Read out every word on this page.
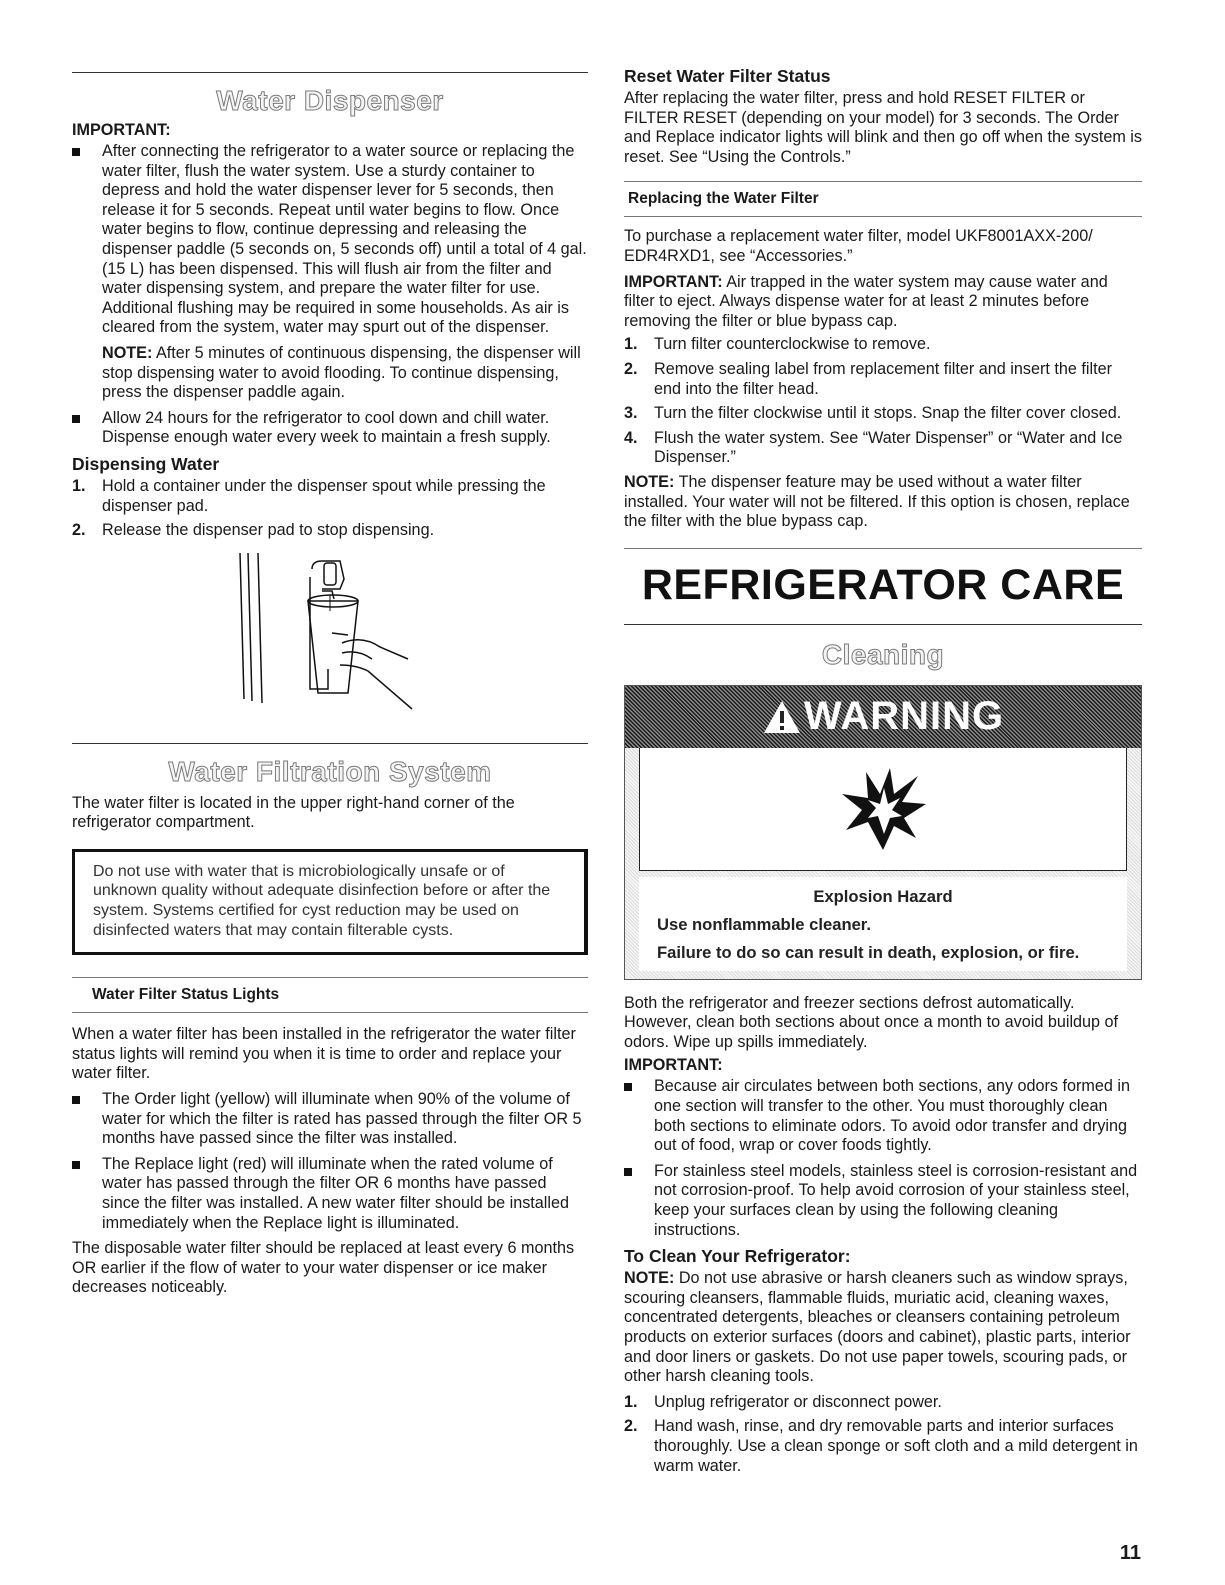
Water Dispenser
IMPORTANT:
After connecting the refrigerator to a water source or replacing the water filter, flush the water system. Use a sturdy container to depress and hold the water dispenser lever for 5 seconds, then release it for 5 seconds. Repeat until water begins to flow. Once water begins to flow, continue depressing and releasing the dispenser paddle (5 seconds on, 5 seconds off) until a total of 4 gal. (15 L) has been dispensed. This will flush air from the filter and water dispensing system, and prepare the water filter for use. Additional flushing may be required in some households. As air is cleared from the system, water may spurt out of the dispenser.

NOTE: After 5 minutes of continuous dispensing, the dispenser will stop dispensing water to avoid flooding. To continue dispensing, press the dispenser paddle again.

Allow 24 hours for the refrigerator to cool down and chill water. Dispense enough water every week to maintain a fresh supply.
Dispensing Water
1. Hold a container under the dispenser spout while pressing the dispenser pad.
2. Release the dispenser pad to stop dispensing.
Water Filtration System

The water filter is located in the upper right-hand corner of the refrigerator compartment.

Do not use with water that is microbiologically unsafe or of unknown quality without adequate disinfection before or after the system. Systems certified for cyst reduction may be used on disinfected waters that may contain filterable cysts.

Water Filter Status Lights

When a water filter has been installed in the refrigerator the water filter status lights will remind you when it is time to order and replace your water filter.

The Order light (yellow) will illuminate when 90% of the volume of water for which the filter is rated has passed through the filter OR 5 months have passed since the filter was installed.
The Replace light (red) will illuminate when the rated volume of water has passed through the filter OR 6 months have passed since the filter was installed. A new water filter should be installed immediately when the Replace light is illuminated.

The disposable water filter should be replaced at least every 6 months OR earlier if the flow of water to your water dispenser or ice maker decreases noticeably.

Reset Water Filter Status

After replacing the water filter, press and hold RESET FILTER or FILTER RESET (depending on your model) for 3 seconds. The Order and Replace indicator lights will blink and then go off when the system is reset. See “Using the Controls.”

Replacing the Water Filter

To purchase a replacement water filter, model UKF8001AXX-200/ EDR4RXD1, see “Accessories.”

IMPORTANT: Air trapped in the water system may cause water and filter to eject. Always dispense water for at least 2 minutes before removing the filter or blue bypass cap.

1. Turn filter counterclockwise to remove.
2. Remove sealing label from replacement filter and insert the filter end into the filter head.
3. Turn the filter clockwise until it stops. Snap the filter cover closed.
4. Flush the water system. See “Water Dispenser” or “Water and Ice Dispenser.”

NOTE: The dispenser feature may be used without a water filter installed. Your water will not be filtered. If this option is chosen, replace the filter with the blue bypass cap.

REFRIGERATOR CARE
Cleaning
WARNING
Explosion Hazard
Use nonflammable cleaner.
Failure to do so can result in death, explosion, or fire.

Both the refrigerator and freezer sections defrost automatically. However, clean both sections about once a month to avoid buildup of odors. Wipe up spills immediately.

IMPORTANT:
Because air circulates between both sections, any odors formed in one section will transfer to the other. You must thoroughly clean both sections to eliminate odors. To avoid odor transfer and drying out of food, wrap or cover foods tightly.
For stainless steel models, stainless steel is corrosion-resistant and not corrosion-proof. To help avoid corrosion of your stainless steel, keep your surfaces clean by using the following cleaning instructions.
To Clean Your Refrigerator:

NOTE: Do not use abrasive or harsh cleaners such as window sprays, scouring cleansers, flammable fluids, muriatic acid, cleaning waxes, concentrated detergents, bleaches or cleansers containing petroleum products on exterior surfaces (doors and cabinet), plastic parts, interior and door liners or gaskets. Do not use paper towels, scouring pads, or other harsh cleaning tools.

1. Unplug refrigerator or disconnect power.
2. Hand wash, rinse, and dry removable parts and interior surfaces thoroughly. Use a clean sponge or soft cloth and a mild detergent in warm water.
11
